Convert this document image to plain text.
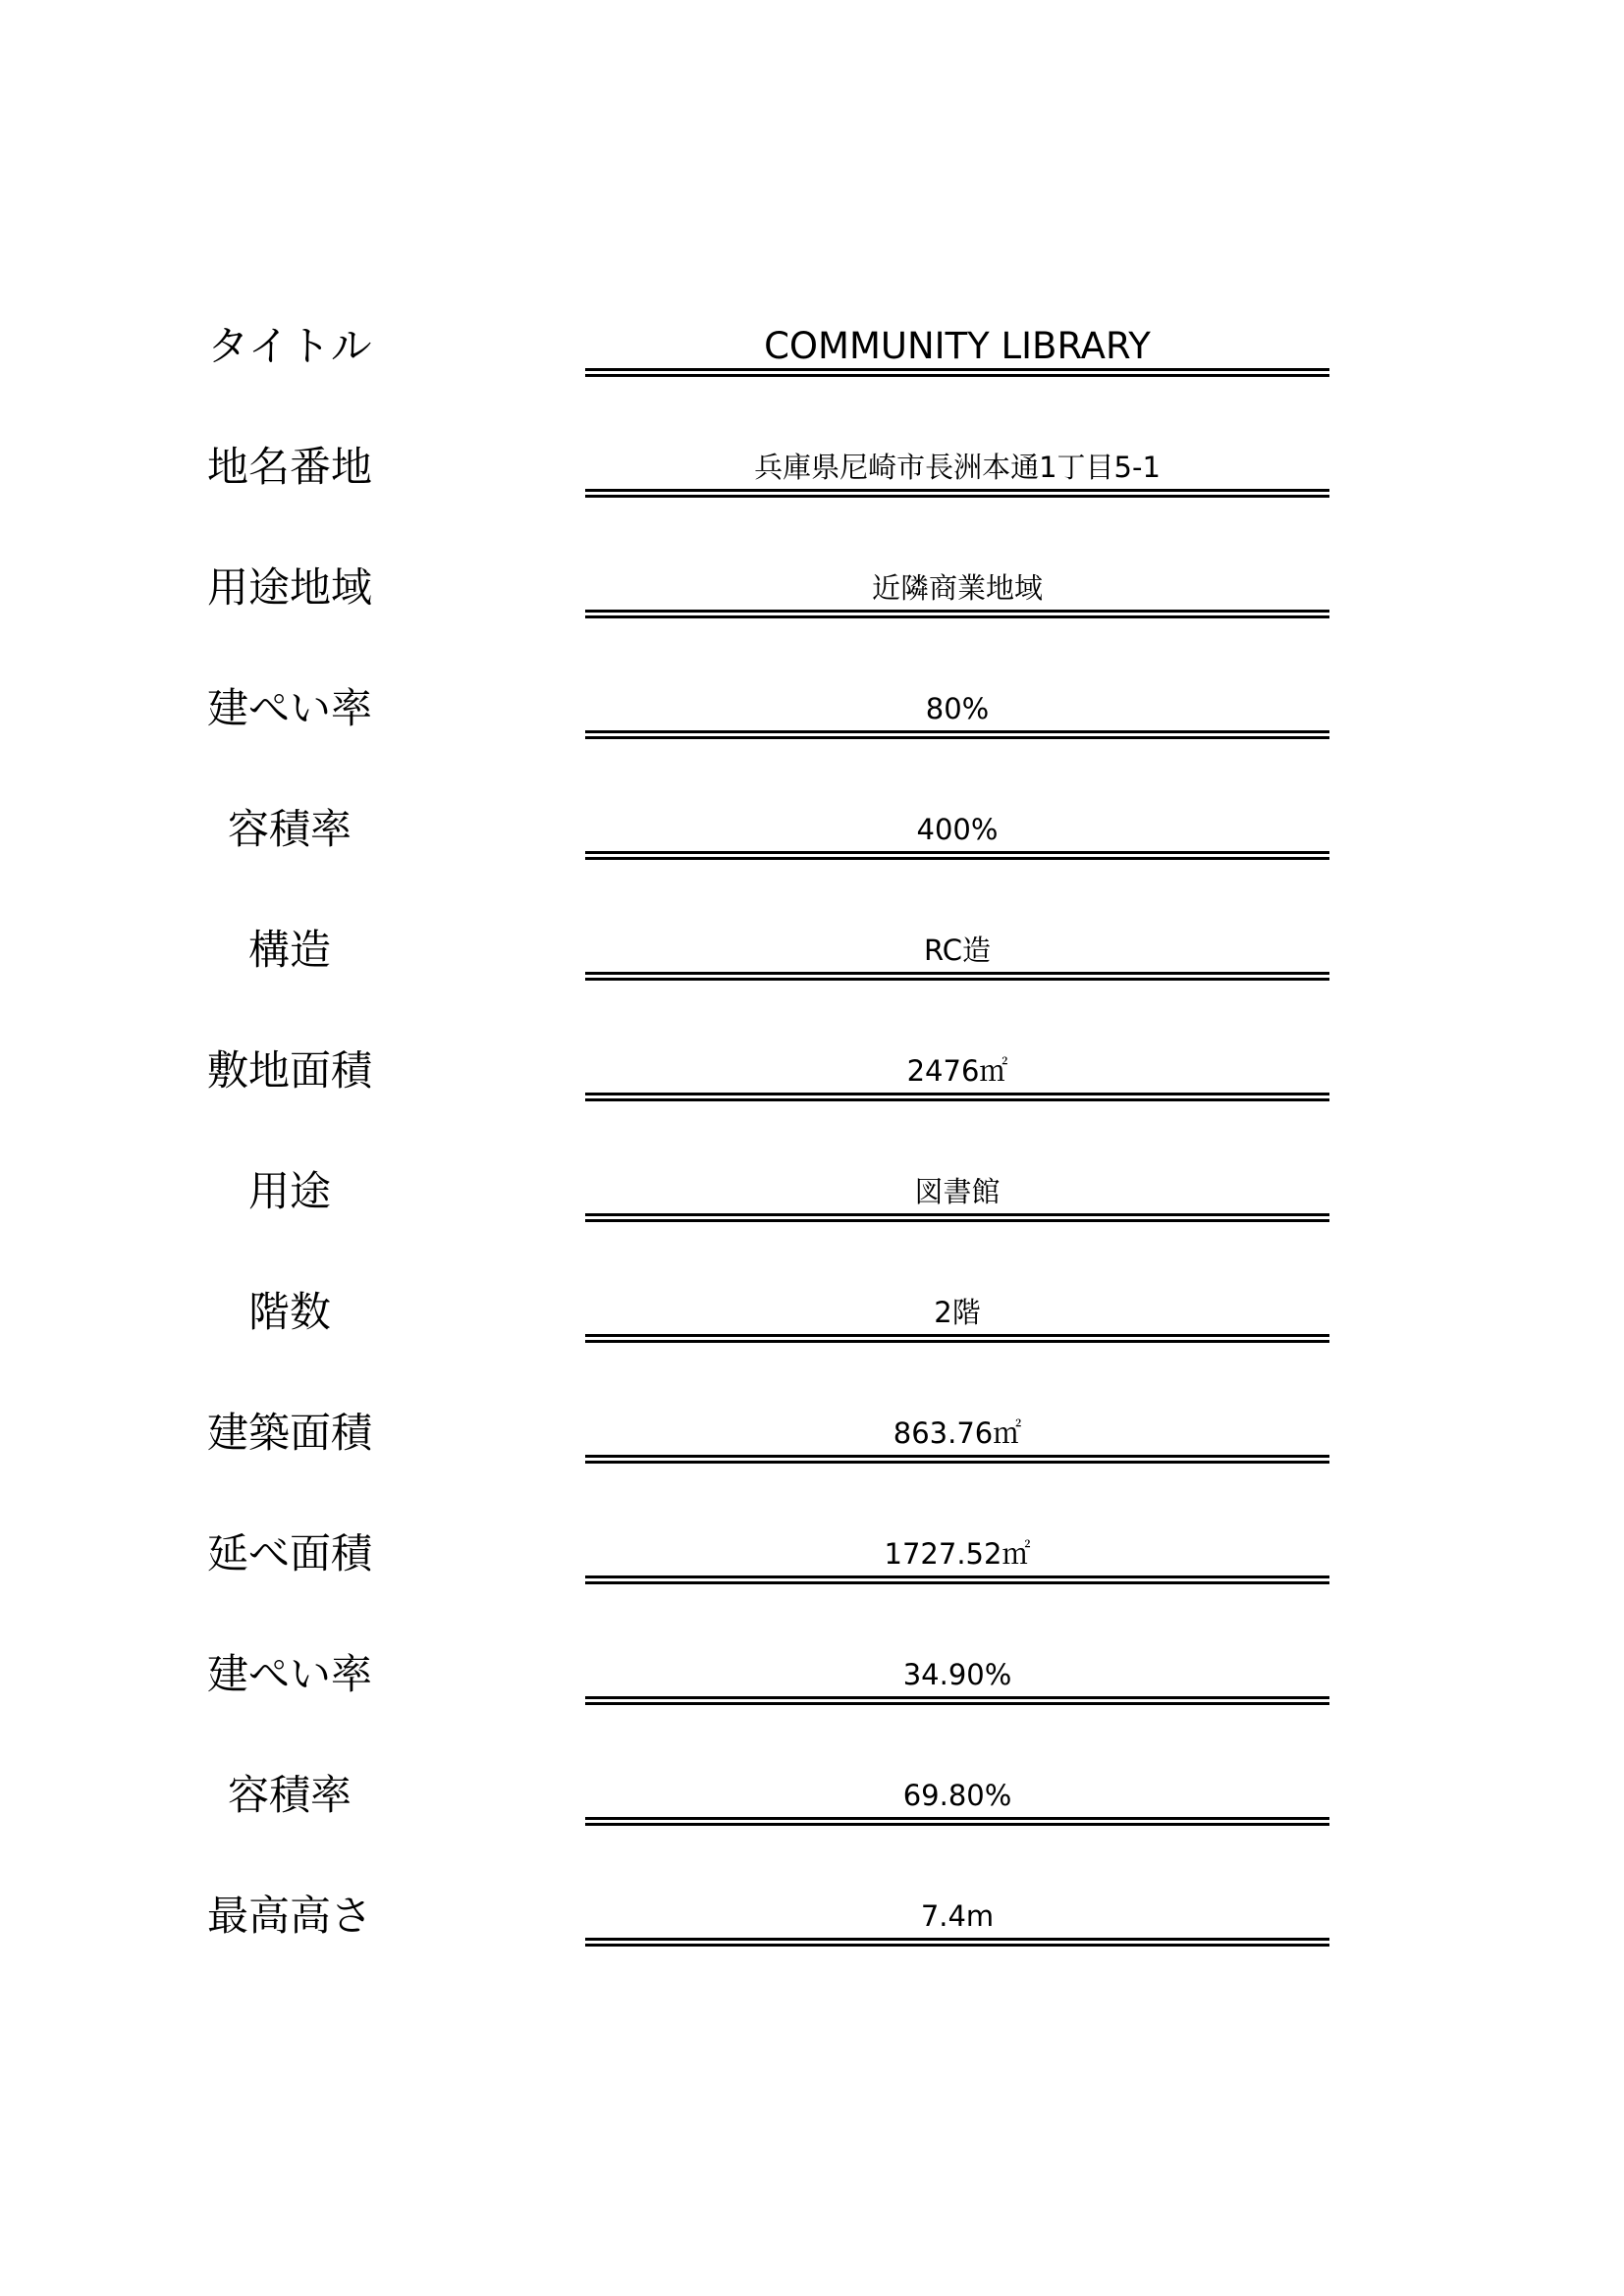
タイトル	COMMUNITY LIBRARY
地名番地	兵庫県尼崎市長洲本通1丁目5-1
用途地域	近隣商業地域
建ぺい率	80%
容積率	400%
構造	RC造
敷地面積	2476㎡
用途	図書館
階数	2階
建築面積	863.76㎡
延べ面積	1727.52㎡
建ぺい率	34.90%
容積率	69.80%
最高高さ	7.4m
